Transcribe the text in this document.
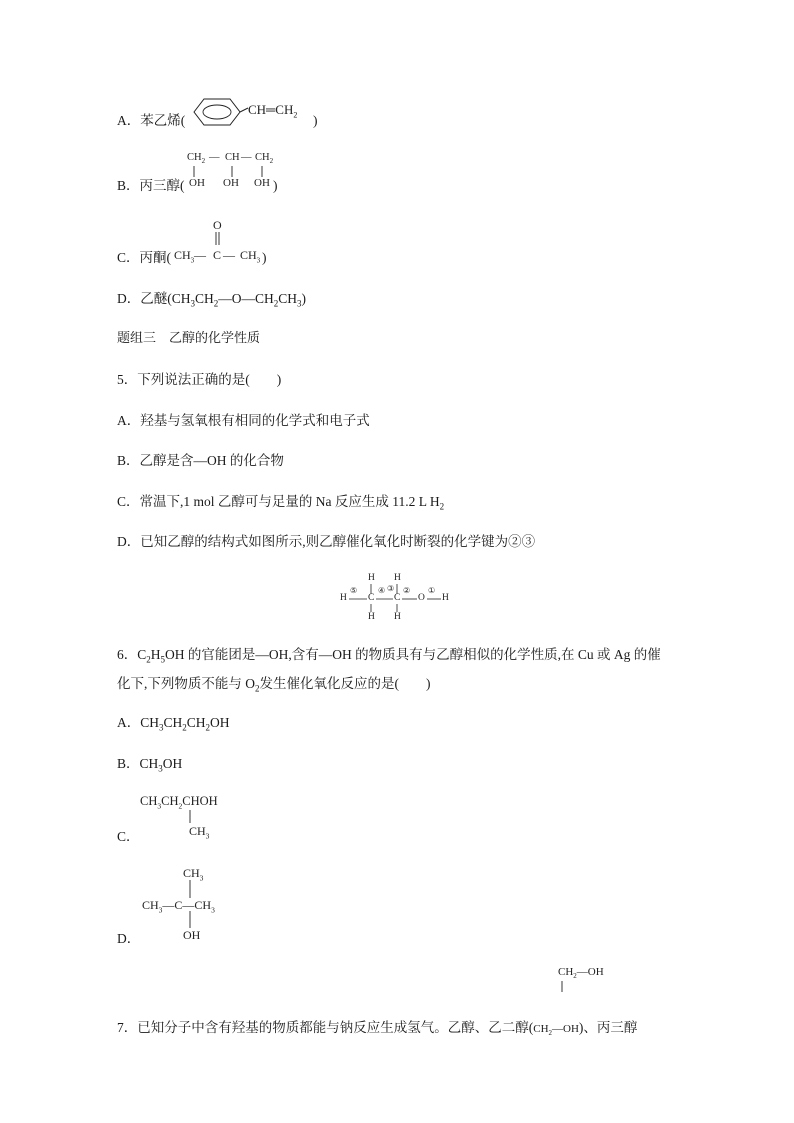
A．苯乙烯(
$CH═CH_2$ )
B．丙三醇(
$CH_2$ — CH — $CH_2$
OH OH OH )
C．丙酮(
O
$CH_3$ — C — $CH_3$ )
D．乙醚$(CH_3CH_2—O—CH_2CH_3)$
题组三　乙醇的化学性质
5．下列说法正确的是(　　)
A．羟基与氢氧根有相同的化学式和电子式
B．乙醇是含—OH 的化合物
C．常温下,1 mol 乙醇可与足量的 Na 反应生成 11.2 L $H_2$
D．已知乙醇的结构式如图所示,则乙醇催化氧化时断裂的化学键为②③
H H
H C C O H
H H
⑤	④ ③ ② ①
6．$C_2H_5OH$ 的官能团是—OH,含有—OH 的物质具有与乙醇相似的化学性质,在 Cu 或 Ag 的催
化下,下列物质不能与 $O_2$发生催化氧化反应的是(　　)
A．$CH_3CH_2CH_2OH$
B．$CH_3OH$
$CH_3CH_2CHOH$
$CH_3$
C．
$CH_3$
$CH_3—C—CH_3$
OH
D．
$CH_2—OH$
7．已知分子中含有羟基的物质都能与钠反应生成氢气。乙醇、乙二醇$(CH_2—OH)$、丙三醇
